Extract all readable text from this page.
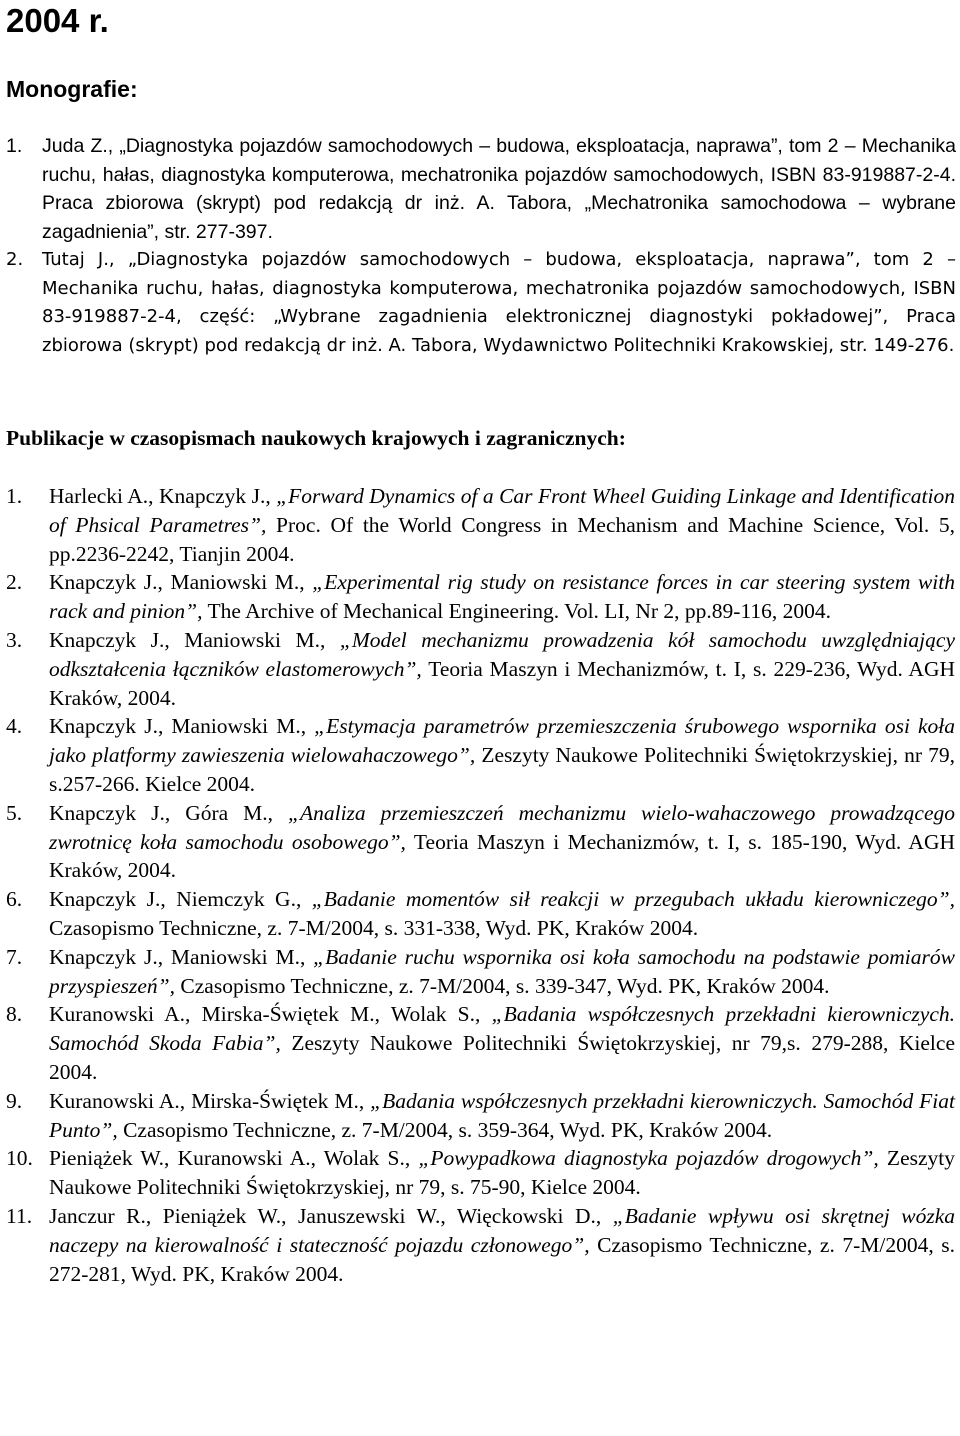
2004 r.
Monografie:
1. Juda Z., „Diagnostyka pojazdów samochodowych – budowa, eksploatacja, naprawa”, tom 2 – Mechanika ruchu, hałas, diagnostyka komputerowa, mechatronika pojazdów samochodowych, ISBN 83-919887-2-4. Praca zbiorowa (skrypt) pod redakcją dr inż. A. Tabora, „Mechatronika samochodowa – wybrane zagadnienia”, str. 277-397.
2. Tutaj J., „Diagnostyka pojazdów samochodowych – budowa, eksploatacja, naprawa”, tom 2 – Mechanika ruchu, hałas, diagnostyka komputerowa, mechatronika pojazdów samochodowych, ISBN 83-919887-2-4, część: „Wybrane zagadnienia elektronicznej diagnostyki pokładowej”, Praca zbiorowa (skrypt) pod redakcją dr inż. A. Tabora, Wydawnictwo Politechniki Krakowskiej, str. 149-276.
Publikacje w czasopismach naukowych krajowych i zagranicznych:
1. Harlecki A., Knapczyk J., „Forward Dynamics of a Car Front Wheel Guiding Linkage and Identification of Phsical Parametres”, Proc. Of the World Congress in Mechanism and Machine Science, Vol. 5, pp.2236-2242, Tianjin 2004.
2. Knapczyk J., Maniowski M., „Experimental rig study on resistance forces in car steering system with rack and pinion”, The Archive of Mechanical Engineering. Vol. LI, Nr 2, pp.89-116, 2004.
3. Knapczyk J., Maniowski M., „Model mechanizmu prowadzenia kół samochodu uwzględniający odkształcenia łączników elastomerowych”, Teoria Maszyn i Mechanizmów, t. I, s. 229-236, Wyd. AGH Kraków, 2004.
4. Knapczyk J., Maniowski M., „Estymacja parametrów przemieszczenia śrubowego wspornika osi koła jako platformy zawieszenia wielowahaczowego”, Zeszyty Naukowe Politechniki Świętokrzyskiej, nr 79, s.257-266. Kielce 2004.
5. Knapczyk J., Góra M., „Analiza przemieszczeń mechanizmu wielo-wahaczowego prowadzącego zwrotnicę koła samochodu osobowego”, Teoria Maszyn i Mechanizmów, t. I, s. 185-190, Wyd. AGH Kraków, 2004.
6. Knapczyk J., Niemczyk G., „Badanie momentów sił reakcji w przegubach układu kierowniczego”, Czasopismo Techniczne, z. 7-M/2004, s. 331-338, Wyd. PK, Kraków 2004.
7. Knapczyk J., Maniowski M., „Badanie ruchu wspornika osi koła samochodu na podstawie pomiarów przyspieszeń”, Czasopismo Techniczne, z. 7-M/2004, s. 339-347, Wyd. PK, Kraków 2004.
8. Kuranowski A., Mirska-Świętek M., Wolak S., „Badania współczesnych przekładni kierowniczych. Samochód Skoda Fabia”, Zeszyty Naukowe Politechniki Świętokrzyskiej, nr 79,s. 279-288, Kielce 2004.
9. Kuranowski A., Mirska-Świętek M., „Badania współczesnych przekładni kierowniczych. Samochód Fiat Punto”, Czasopismo Techniczne, z. 7-M/2004, s. 359-364, Wyd. PK, Kraków 2004.
10. Pieniążek W., Kuranowski A., Wolak S., „Powypadkowa diagnostyka pojazdów drogowych”, Zeszyty Naukowe Politechniki Świętokrzyskiej, nr 79, s. 75-90, Kielce 2004.
11. Janczur R., Pieniążek W., Januszewski W., Więckowski D., „Badanie wpływu osi skrętnej wózka naczepy na kierowalność i stateczność pojazdu członowego”, Czasopismo Techniczne, z. 7-M/2004, s. 272-281, Wyd. PK, Kraków 2004.
